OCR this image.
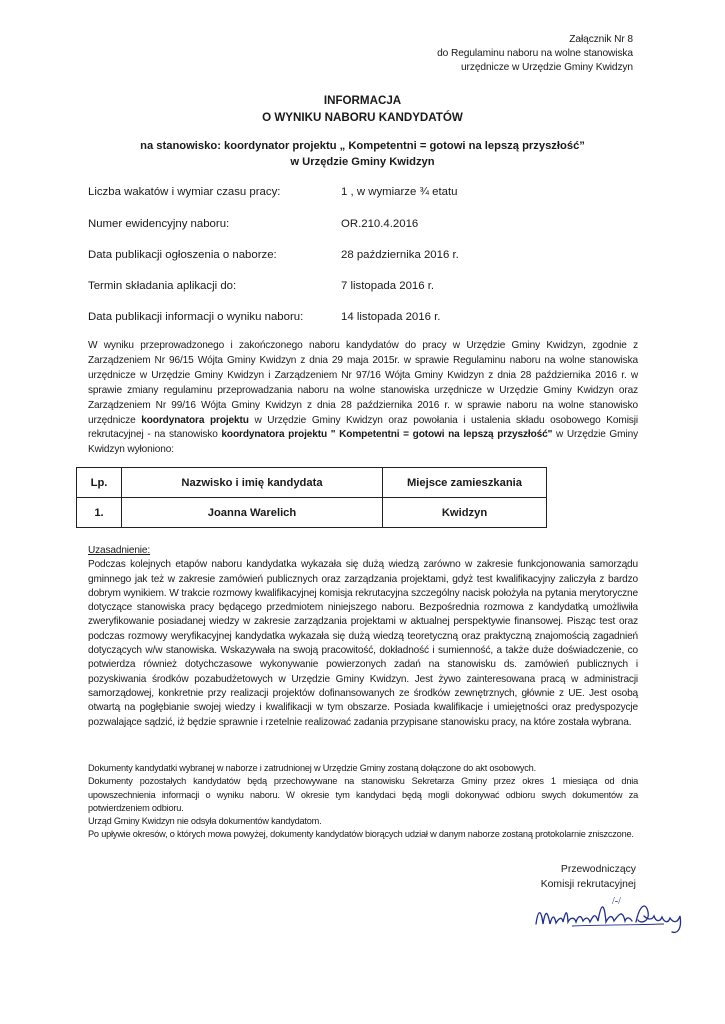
Załącznik Nr 8
do Regulaminu naboru na wolne stanowiska
urzędnicze w Urzędzie Gminy Kwidzyn
INFORMACJA
O WYNIKU NABORU KANDYDATÓW
na stanowisko: koordynator projektu „ Kompetentni = gotowi na lepszą przyszłość”
w Urzędzie Gminy Kwidzyn
Liczba wakatów i wymiar czasu pracy:	1 , w wymiarze ¾ etatu
Numer ewidencyjny naboru:	OR.210.4.2016
Data publikacji ogłoszenia o naborze:	28 października 2016 r.
Termin składania aplikacji do:	7 listopada 2016 r.
Data publikacji informacji o wyniku naboru:	14 listopada 2016 r.
W wyniku przeprowadzonego i zakończonego naboru kandydatów do pracy w Urzędzie Gminy Kwidzyn, zgodnie z Zarządzeniem Nr 96/15 Wójta Gminy Kwidzyn z dnia 29 maja 2015r. w sprawie Regulaminu naboru na wolne stanowiska urzędnicze w Urzędzie Gminy Kwidzyn i Zarządzeniem Nr 97/16 Wójta Gminy Kwidzyn z dnia 28 października 2016 r. w sprawie zmiany regulaminu przeprowadzania naboru na wolne stanowiska urzędnicze w Urzędzie Gminy Kwidzyn oraz Zarządzeniem Nr 99/16 Wójta Gminy Kwidzyn z dnia 28 października 2016 r. w sprawie naboru na wolne stanowisko urzędnicze koordynatora projektu w Urzędzie Gminy Kwidzyn oraz powołania i ustalenia składu osobowego Komisji rekrutacyjnej - na stanowisko koordynatora projektu " Kompetentni = gotowi na lepszą przyszłość" w Urzędzie Gminy Kwidzyn wyłoniono:
Lp.	Nazwisko i imię kandydata	Miejsce zamieszkania
1.	Joanna Warelich	Kwidzyn
Uzasadnienie:
Podczas kolejnych etapów naboru kandydatka wykazała się dużą wiedzą zarówno w zakresie funkcjonowania samorządu gminnego jak też w zakresie zamówień publicznych oraz zarządzania projektami, gdyż test kwalifikacyjny zaliczyła z bardzo dobrym wynikiem. W trakcie rozmowy kwalifikacyjnej komisja rekrutacyjna szczególny nacisk położyła na pytania merytoryczne dotyczące stanowiska pracy będącego przedmiotem niniejszego naboru. Bezpośrednia rozmowa z kandydatką umożliwiła zweryfikowanie posiadanej wiedzy w zakresie zarządzania projektami w aktualnej perspektywie finansowej. Pisząc test oraz podczas rozmowy weryfikacyjnej kandydatka wykazała się dużą wiedzą teoretyczną oraz praktyczną znajomością zagadnień dotyczących w/w stanowiska. Wskazywała na swoją pracowitość, dokładność i sumienność, a także duże doświadczenie, co potwierdza również dotychczasowe wykonywanie powierzonych zadań na stanowisku ds. zamówień publicznych i pozyskiwania środków pozabudżetowych w Urzędzie Gminy Kwidzyn. Jest żywo zainteresowana pracą w administracji samorządowej, konkretnie przy realizacji projektów dofinansowanych ze środków zewnętrznych, głównie z UE. Jest osobą otwartą na pogłębianie swojej wiedzy i kwalifikacji w tym obszarze. Posiada kwalifikacje i umiejętności oraz predyspozycje pozwalające sądzić, iż będzie sprawnie i rzetelnie realizować zadania przypisane stanowisku pracy, na które została wybrana.

Dokumenty kandydatki wybranej w naborze i zatrudnionej w Urzędzie Gminy zostaną dołączone do akt osobowych.

Dokumenty pozostałych kandydatów będą przechowywane na stanowisku Sekretarza Gminy przez okres 1 miesiąca od dnia upowszechnienia informacji o wyniku naboru. W okresie tym kandydaci będą mogli dokonywać odbioru swych dokumentów za potwierdzeniem odbioru.

Urząd Gminy Kwidzyn nie odsyła dokumentów kandydatom.

Po upływie okresów, o których mowa powyżej, dokumenty kandydatów biorących udział w danym naborze zostaną protokolarnie zniszczone.

Przewodniczący
Komisji rekrutacyjnej
/-/
